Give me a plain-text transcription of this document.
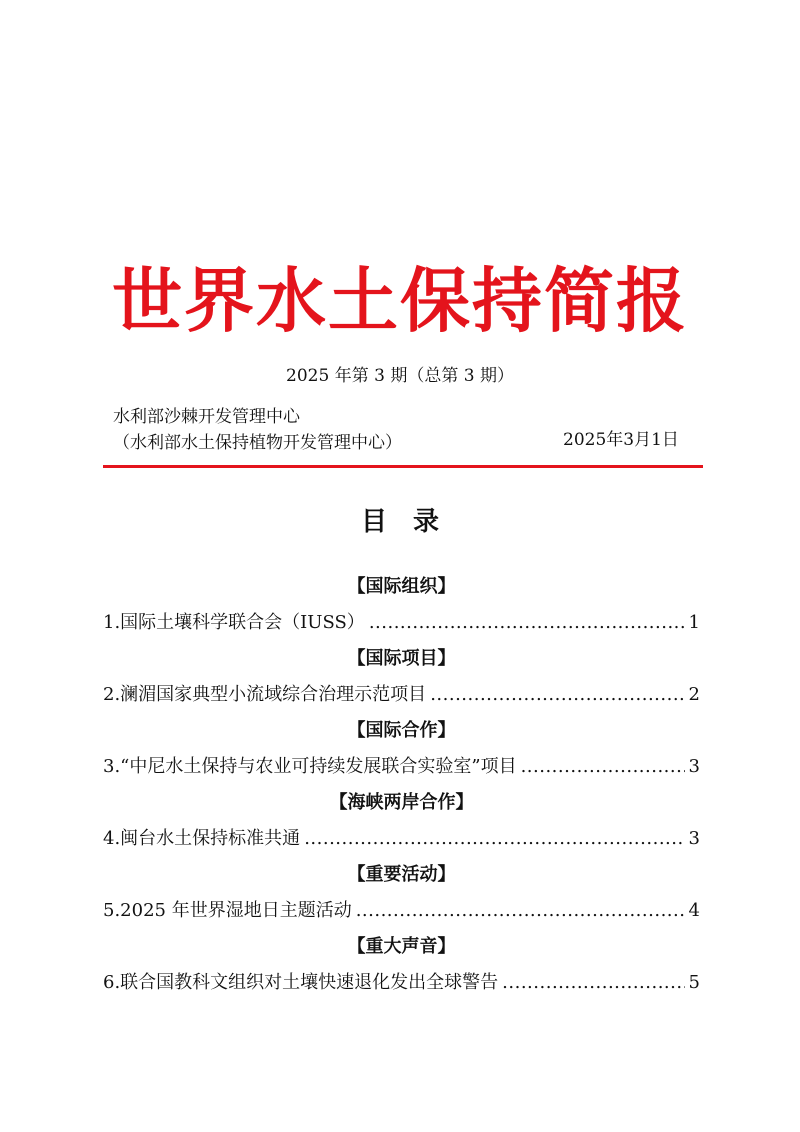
世界水土保持简报
2025 年第 3 期（总第 3 期）
水利部沙棘开发管理中心
（水利部水土保持植物开发管理中心）	2025年3月1日
目　录
【国际组织】
1.国际土壤科学联合会（IUSS） .....	1
【国际项目】
2.澜湄国家典型小流域综合治理示范项目 .....	2
【国际合作】
3.“中尼水土保持与农业可持续发展联合实验室”项目 .....	3
【海峡两岸合作】
4.闽台水土保持标准共通 .....	3
【重要活动】
5.2025 年世界湿地日主题活动 .....	4
【重大声音】
6.联合国教科文组织对土壤快速退化发出全球警告 .....	5
